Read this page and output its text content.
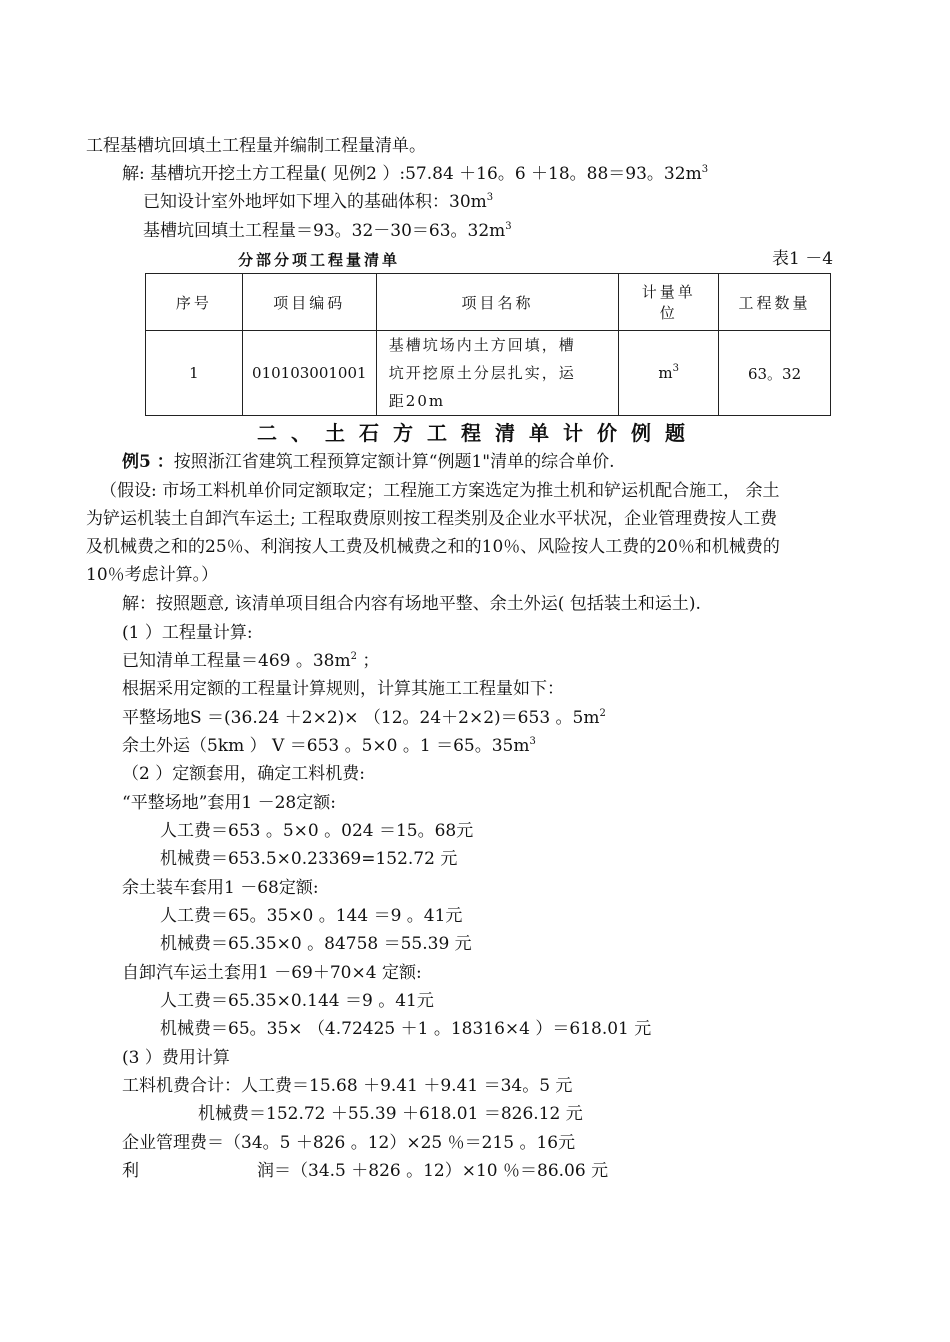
工程基槽坑回填土工程量并编制工程量清单。
解: 基槽坑开挖土方工程量( 见例2 ）:57.84 ＋16。6 ＋18。88＝93。$32m^3$
已知设计室外地坪如下埋入的基础体积：$30m^3$
基槽坑回填土工程量＝93。32－30＝63。$32m^3$
分部分项工程量清单	表1 －4
序号	项目编码	项目名称	计量单
位	工程数量
1	010103001001	基槽坑场内土方回填，槽
坑开挖原土分层扎实，运
距20m	$m^3$	63。32
二、土石方工程清单计价例题
例5 ：按照浙江省建筑工程预算定额计算“例题1"清单的综合单价.
（假设: 市场工料机单价同定额取定；工程施工方案选定为推土机和铲运机配合施工， 余土
为铲运机装土自卸汽车运土; 工程取费原则按工程类别及企业水平状况，企业管理费按人工费
及机械费之和的25％、利润按人工费及机械费之和的10％、风险按人工费的20％和机械费的
10％考虑计算。）
解：按照题意, 该清单项目组合内容有场地平整、余土外运( 包括装土和运土).
(1 ）工程量计算:
已知清单工程量＝469 。$38m^2$ ；
根据采用定额的工程量计算规则，计算其施工工程量如下：
平整场地S ＝(36.24 ＋2×2)× （12。24＋2×2)＝653 。$5m^2$
余土外运（5km ） V ＝653 。5×0 。1 ＝65。$35m^3$
（2 ）定额套用，确定工料机费:
“平整场地”套用1 －28定额:
人工费＝653 。5×0 。024 ＝15。68元
机械费＝653.5×0.23369=152.72 元
余土装车套用1 －68定额:
人工费＝65。35×0 。144 ＝9 。41元
机械费＝65.35×0 。84758 ＝55.39 元
自卸汽车运土套用1 －69＋70×4 定额:
人工费＝65.35×0.144 ＝9 。41元
机械费＝65。35× （4.72425 ＋1 。18316×4 ）＝618.01 元
(3 ）费用计算
工料机费合计：人工费＝15.68 ＋9.41 ＋9.41 ＝34。5 元
机械费＝152.72 ＋55.39 ＋618.01 ＝826.12 元
企业管理费＝（34。5 ＋826 。12）×25 ％＝215 。16元
利	润＝（34.5 ＋826 。12）×10 ％＝86.06 元
